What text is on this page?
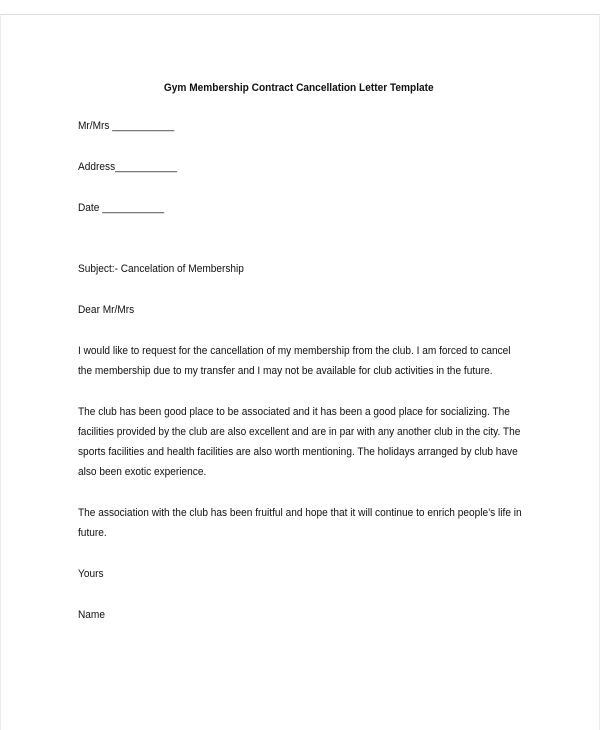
Gym Membership Contract Cancellation Letter Template

Mr/Mrs ___________

Address___________

Date ___________

Subject:- Cancelation of Membership

Dear Mr/Mrs

I would like to request for the cancellation of my membership from the club. I am forced to cancel
the membership due to my transfer and I may not be available for club activities in the future.
The club has been good place to be associated and it has been a good place for socializing. The
facilities provided by the club are also excellent and are in par with any another club in the city. The
sports facilities and health facilities are also worth mentioning. The holidays arranged by club have
also been exotic experience.
The association with the club has been fruitful and hope that it will continue to enrich people’s life in
future.

Yours

Name
